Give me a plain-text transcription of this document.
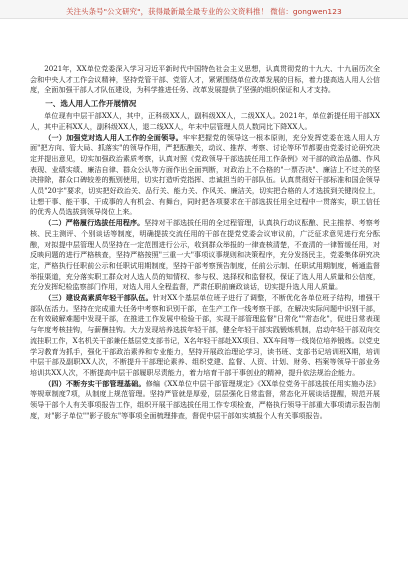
关注头条号"公文研究"，获得最新最全最专业的公文资料推！ 微信：gongwen123

2021年，XX单位党委深入学习习近平新时代中国特色社会主义思想，认真贯彻党的十九大、十九届历次全会和中央人才工作会议精神，坚持党管干部、党管人才，紧紧围绕单位改革发展的目标，着力提高选人用人公信度，全面加强干部人才队伍建设，为科学推进任务、改革发展提供了坚强的组织保证和人才支持。

一、选人用人工作开展情况

单位现有中层干部XX人，其中，正科级XX人，副科级XX人，二级XX人。2021年，单位新提任用干部XX人，其中正科XX人，副科级XX人，退二线XX人，年末中层管理人员人数同比下降XX人。

（一）加强党对选人用人工作的全面领导。牢牢把握党的领导这一根本原则，充分发挥党委在选人用人方面"把方向、管大局、抓落实"的领导作用，严把酝酿关，动议、推荐、考察、讨论等环节都要由党委讨论研究决定并提出意见，切实加强政治素质考察，认真对照《党政领导干部选拔任用工作条例》对干部的政治品德、作风表现、业绩实绩、廉洁自律、群众公认等方面作出全面判断，对政治上不合格的"一票否决"、廉洁上不过关的坚决排除，群众口碑较差的甄别使用，切实打造听党指挥、忠诚担当的干部队伍。认真贯彻好干部标准和国企领导人员"20字"要求，切实把好政治关、品行关、能力关、作风关、廉洁关，切实把合格的人才选拔到关键岗位上，让想干事、能干事、干成事的人有机会、有舞台，同时把各项要求在干部选拔任用全过程中一贯落实，职工信任的优秀人员选拔到领导岗位上来。

（二）严格履行选拔任用程序。坚持对干部选拔任用的全过程管理，认真执行动议酝酿、民主推荐、考察考核、民主测评、个别谈话等制度，明确提拔交流任用的干部在提党党委会议审议前，广泛征求意见进行充分酝酿，对拟提中层管理人员坚持在一定范围进行公示，收到群众举报的一律查核清楚，不查清的一律暂缓任用，对反映问题的进行严格核查，坚持严格按照"三重一大"事项议事规则和决策程序，充分发扬民主，党委集体研究决定，严格执行任职前公示和任职试用期制度，坚持干部考察预告制度，任前公示制、任职试用期制度，畅通监督举报渠道，充分落实职工群众对人选人员的知情权、参与权、选择权和监督权，保证了选人用人质量和公信度，充分发挥纪检监察部门作用，对选人用人全程监督，严肃任职前廉政谈话，切实提升选人用人质量。

（三）建设高素质年轻干部队伍。针对XX个基层单位班子进行了调整，不断优化各单位班子结构，增强干部队伍活力。坚持在完成重大任务中考察和识别干部，在生产工作一线考察干部，在解决实际问题中识别干部，在有效破解难题中发现干部，在推进工作发展中检验干部，实现干部管理监督"日常化""常态化"，促进日常表现与年度考核挂钩，与薪酬挂钩。大力发现培养选拔年轻干部，健全年轻干部实践锻炼机制，启动年轻干部双向交流挂职工作，X名机关干部兼任基层党支部书记，X名年轻干部赴XX项目、XX车间等一线岗位培养锻炼。以党史学习教育为抓手，强化干部政治素养和专业能力，坚持开展政治理论学习，读书班、支部书记培训班X期，培训中层干部及副职XX人次，不断提升干部理论素养、组织党建、监督、人资、计划、财务、档案等领导干部业务培训共XX人次，不断提高中层干部履职尽责能力，着力培育干部干事创业的精神，提升依法规治企能力。

（四）不断夯实干部管理基础。修编《XX单位中层干部管理规定》《XX单位党务干部选拔任用实施办法》等规章制度7项，从制度上规范管理。坚持严管就是厚爱，层层强化日常监督，常态化开展谈话提醒，规范开展领导干部个人有关事项报告工作，组织开展干部选拔任用工作专项检查，严格执行领导干部重大事项请示报告制度，对"影子单位""影子股东"等事项全面梳理排查，督促中层干部如实填报个人有关事项报告。
